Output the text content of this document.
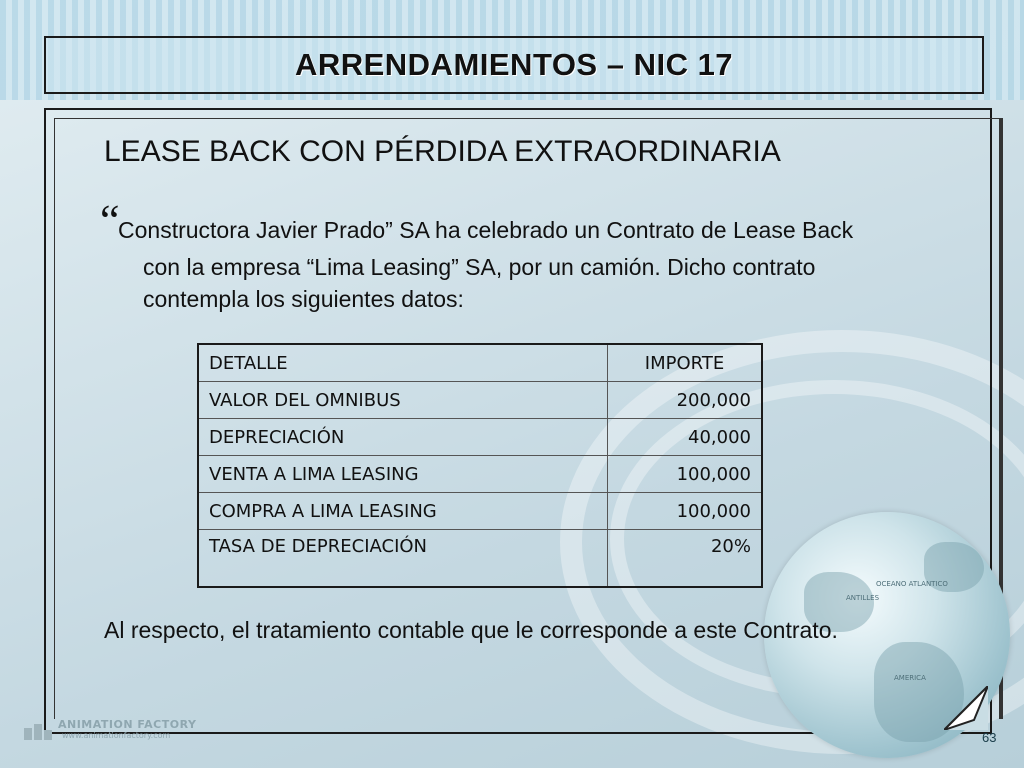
ARRENDAMIENTOS – NIC 17
LEASE BACK CON PÉRDIDA EXTRAORDINARIA
“
Constructora Javier Prado” SA ha celebrado un Contrato de Lease Back
con la empresa “Lima Leasing” SA, por un camión. Dicho contrato
contempla los siguientes datos:
DETALLE	IMPORTE
VALOR DEL OMNIBUS	200,000
DEPRECIACIÓN	40,000
VENTA A LIMA LEASING	100,000
COMPRA A LIMA LEASING	100,000
TASA DE DEPRECIACIÓN	20%
OCEANO ATLANTICO
ANTILLES
AMERICA
Al respecto, el tratamiento contable que le corresponde a este Contrato.
ANIMATION FACTORY
www.animationfactory.com	63
